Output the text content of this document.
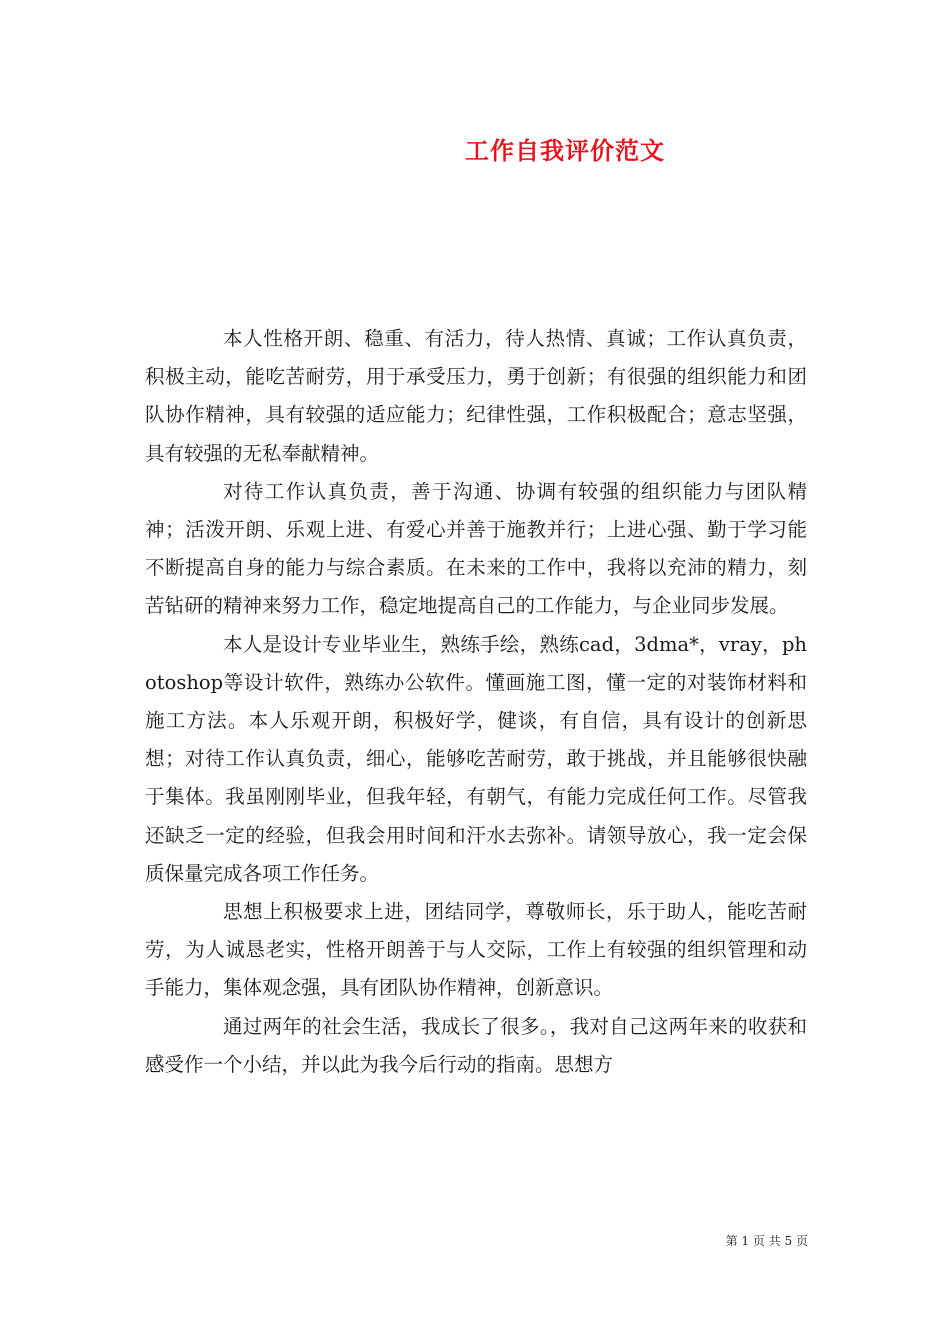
工作自我评价范文

本人性格开朗、稳重、有活力，待人热情、真诚；工作认真负责，积极主动，能吃苦耐劳，用于承受压力，勇于创新；有很强的组织能力和团队协作精神，具有较强的适应能力；纪律性强，工作积极配合；意志坚强，具有较强的无私奉献精神。

对待工作认真负责，善于沟通、协调有较强的组织能力与团队精神；活泼开朗、乐观上进、有爱心并善于施教并行；上进心强、勤于学习能不断提高自身的能力与综合素质。在未来的工作中，我将以充沛的精力，刻苦钻研的精神来努力工作，稳定地提高自己的工作能力，与企业同步发展。

本人是设计专业毕业生，熟练手绘，熟练cad，3dma*，vray，photoshop等设计软件，熟练办公软件。懂画施工图，懂一定的对装饰材料和施工方法。本人乐观开朗，积极好学，健谈，有自信，具有设计的创新思想；对待工作认真负责，细心，能够吃苦耐劳，敢于挑战，并且能够很快融于集体。我虽刚刚毕业，但我年轻，有朝气，有能力完成任何工作。尽管我还缺乏一定的经验，但我会用时间和汗水去弥补。请领导放心，我一定会保质保量完成各项工作任务。

思想上积极要求上进，团结同学，尊敬师长，乐于助人，能吃苦耐劳，为人诚恳老实，性格开朗善于与人交际，工作上有较强的组织管理和动手能力，集体观念强，具有团队协作精神，创新意识。

通过两年的社会生活，我成长了很多。，我对自己这两年来的收获和感受作一个小结，并以此为我今后行动的指南。思想方

第 1 页 共 5 页
